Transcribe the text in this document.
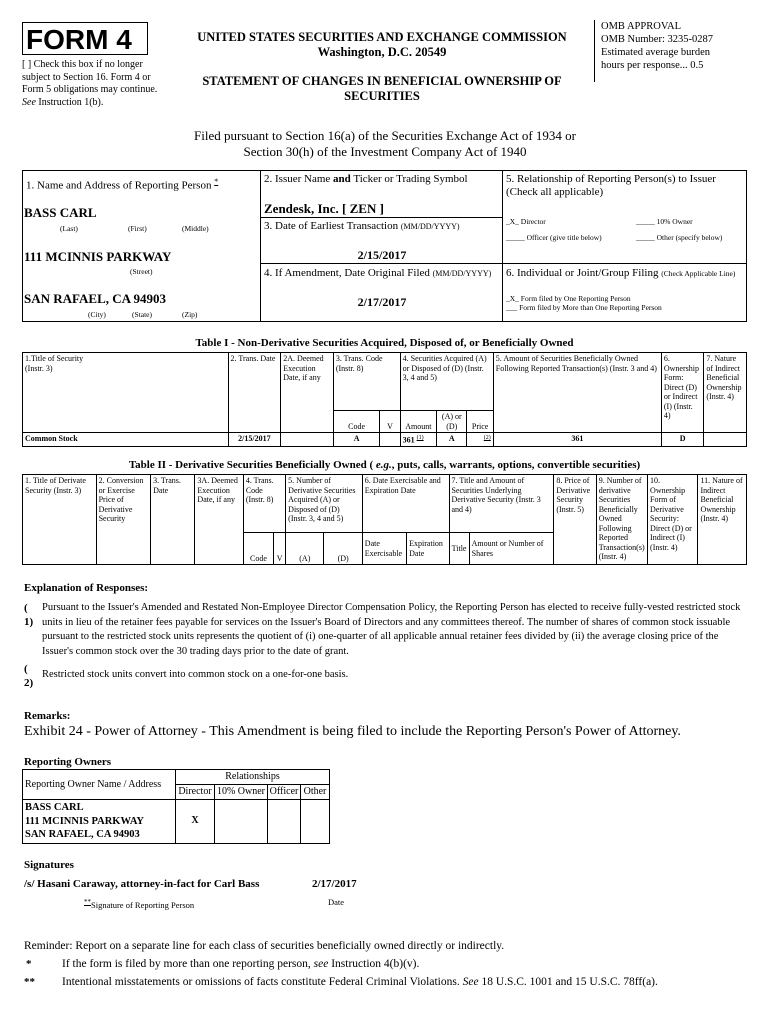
FORM 4
[ ] Check this box if no longer subject to Section 16. Form 4 or Form 5 obligations may continue. See Instruction 1(b).
UNITED STATES SECURITIES AND EXCHANGE COMMISSION
Washington, D.C. 20549
STATEMENT OF CHANGES IN BENEFICIAL OWNERSHIP OF SECURITIES
OMB APPROVAL
OMB Number: 3235-0287
Estimated average burden
hours per response... 0.5
Filed pursuant to Section 16(a) of the Securities Exchange Act of 1934 or
Section 30(h) of the Investment Company Act of 1940
1. Name and Address of Reporting Person *
BASS CARL
(Last)	(First)	(Middle)
111 MCINNIS PARKWAY
(Street)
SAN RAFAEL, CA 94903
(City)	(State)	(Zip)
2. Issuer Name and Ticker or Trading Symbol
Zendesk, Inc. [ ZEN ]
3. Date of Earliest Transaction (MM/DD/YYYY)
2/15/2017
4. If Amendment, Date Original Filed (MM/DD/YYYY)
2/17/2017
5. Relationship of Reporting Person(s) to Issuer
(Check all applicable)
_X_ Director	_____ 10% Owner
_____ Officer (give title below)	_____ Other (specify below)
6. Individual or Joint/Group Filing (Check Applicable Line)
_X_ Form filed by One Reporting Person
___ Form filed by More than One Reporting Person
Table I - Non-Derivative Securities Acquired, Disposed of, or Beneficially Owned
1.Title of Security
(Instr. 3)	2. Trans. Date	2A. Deemed Execution Date, if any	3. Trans. Code (Instr. 8)		4. Securities Acquired (A) or Disposed of (D) (Instr. 3, 4 and 5)			5. Amount of Securities Beneficially Owned Following Reported Transaction(s) (Instr. 3 and 4)	6. Ownership Form: Direct (D) or Indirect (I) (Instr. 4)	7. Nature of Indirect Beneficial Ownership (Instr. 4)
			Code	V	Amount	(A) or (D)	Price			
Common Stock	2/15/2017		A		361 $^{(1)}$	A	$^{(2)}$	361	D	
Table II - Derivative Securities Beneficially Owned ( e.g., puts, calls, warrants, options, convertible securities)
1. Title of Derivate Security (Instr. 3)	2. Conversion or Exercise Price of Derivative Security	3. Trans. Date	3A. Deemed Execution Date, if any	4. Trans. Code (Instr. 8)		5. Number of Derivative Securities Acquired (A) or Disposed of (D) (Instr. 3, 4 and 5)		6. Date Exercisable and Expiration Date		7. Title and Amount of Securities Underlying Derivative Security (Instr. 3 and 4)		8. Price of Derivative Security (Instr. 5)	9. Number of derivative Securities Beneficially Owned Following Reported Transaction(s) (Instr. 4)	10. Ownership Form of Derivative Security: Direct (D) or Indirect (I) (Instr. 4)	11. Nature of Indirect Beneficial Ownership (Instr. 4)
				Code	V	(A)	(D)	Date Exercisable	Expiration Date	Title	Amount or Number of Shares				
Explanation of Responses:
(
1)
Pursuant to the Issuer's Amended and Restated Non-Employee Director Compensation Policy, the Reporting Person has elected to receive fully-vested restricted stock units in lieu of the retainer fees payable for services on the Issuer's Board of Directors and any committees thereof. The number of shares of common stock issuable pursuant to the restricted stock units represents the quotient of (i) one-quarter of all applicable annual retainer fees divided by (ii) the average closing price of the Issuer's common stock over the 30 trading days prior to the date of grant.
(
2)
Restricted stock units convert into common stock on a one-for-one basis.
Remarks:
Exhibit 24 - Power of Attorney - This Amendment is being filed to include the Reporting Person's Power of Attorney.
Reporting Owners
Reporting Owner Name / Address	Relationships			
	Director	10% Owner	Officer	Other

BASS CARL
111 MCINNIS PARKWAY
SAN RAFAEL, CA 94903	X			
Signatures
/s/ Hasani Caraway, attorney-in-fact for Carl Bass	2/17/2017
**Signature of Reporting Person	Date
Reminder: Report on a separate line for each class of securities beneficially owned directly or indirectly.
*	If the form is filed by more than one reporting person, see Instruction 4(b)(v).
** Intentional misstatements or omissions of facts constitute Federal Criminal Violations. See 18 U.S.C. 1001 and 15 U.S.C. 78ff(a).
